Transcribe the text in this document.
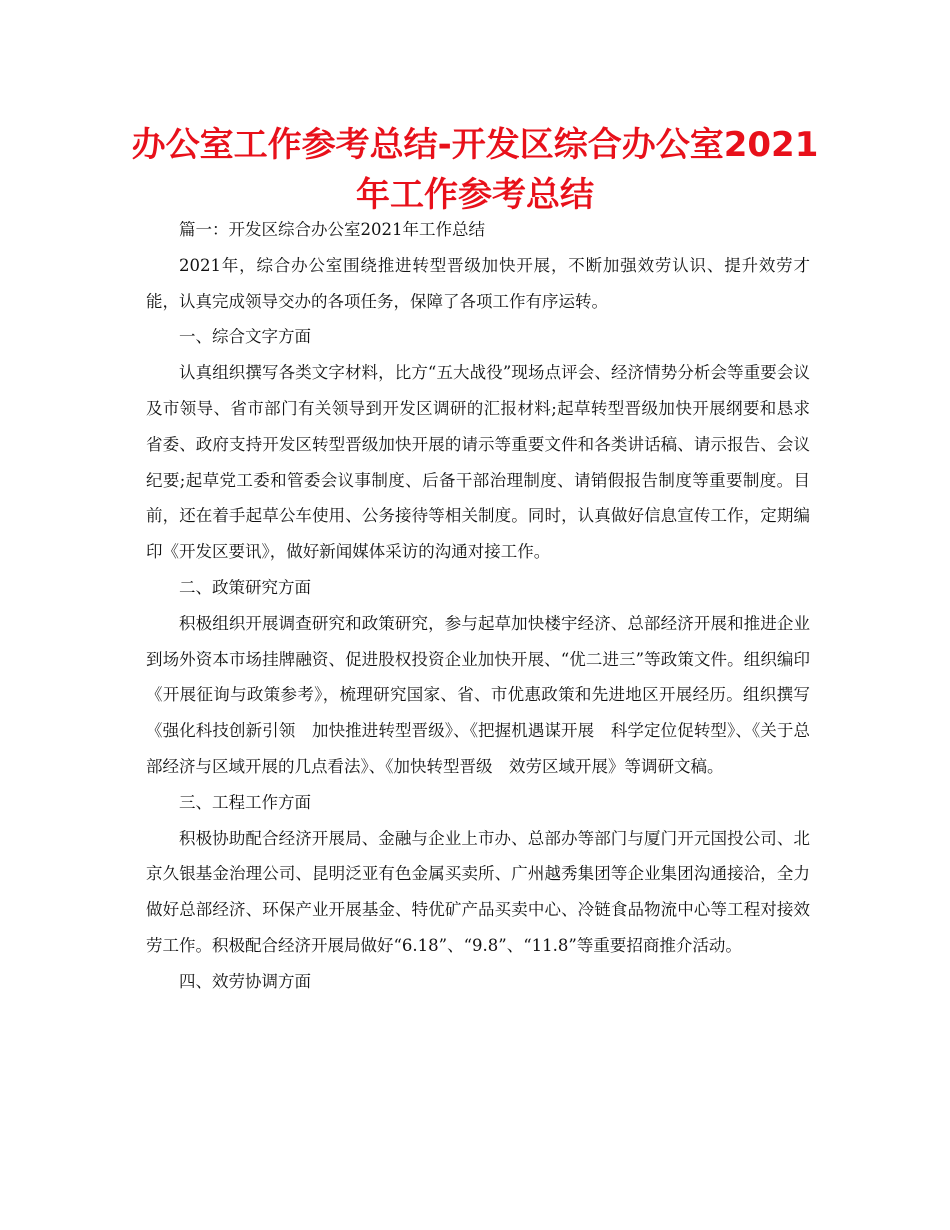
办公室工作参考总结-开发区综合办公室2021年工作参考总结

篇一：开发区综合办公室2021年工作总结

2021年，综合办公室围绕推进转型晋级加快开展，不断加强效劳认识、提升效劳才能，认真完成领导交办的各项任务，保障了各项工作有序运转。

一、综合文字方面

认真组织撰写各类文字材料，比方“五大战役”现场点评会、经济情势分析会等重要会议及市领导、省市部门有关领导到开发区调研的汇报材料;起草转型晋级加快开展纲要和恳求省委、政府支持开发区转型晋级加快开展的请示等重要文件和各类讲话稿、请示报告、会议纪要;起草党工委和管委会议事制度、后备干部治理制度、请销假报告制度等重要制度。目前，还在着手起草公车使用、公务接待等相关制度。同时，认真做好信息宣传工作，定期编印《开发区要讯》，做好新闻媒体采访的沟通对接工作。

二、政策研究方面

积极组织开展调查研究和政策研究，参与起草加快楼宇经济、总部经济开展和推进企业到场外资本市场挂牌融资、促进股权投资企业加快开展、“优二进三”等政策文件。组织编印《开展征询与政策参考》，梳理研究国家、省、市优惠政策和先进地区开展经历。组织撰写《强化科技创新引领　加快推进转型晋级》、《把握机遇谋开展　科学定位促转型》、《关于总部经济与区域开展的几点看法》、《加快转型晋级　效劳区域开展》等调研文稿。

三、工程工作方面

积极协助配合经济开展局、金融与企业上市办、总部办等部门与厦门开元国投公司、北京久银基金治理公司、昆明泛亚有色金属买卖所、广州越秀集团等企业集团沟通接洽，全力做好总部经济、环保产业开展基金、特优矿产品买卖中心、冷链食品物流中心等工程对接效劳工作。积极配合经济开展局做好“6.18”、“9.8”、“11.8”等重要招商推介活动。

四、效劳协调方面
